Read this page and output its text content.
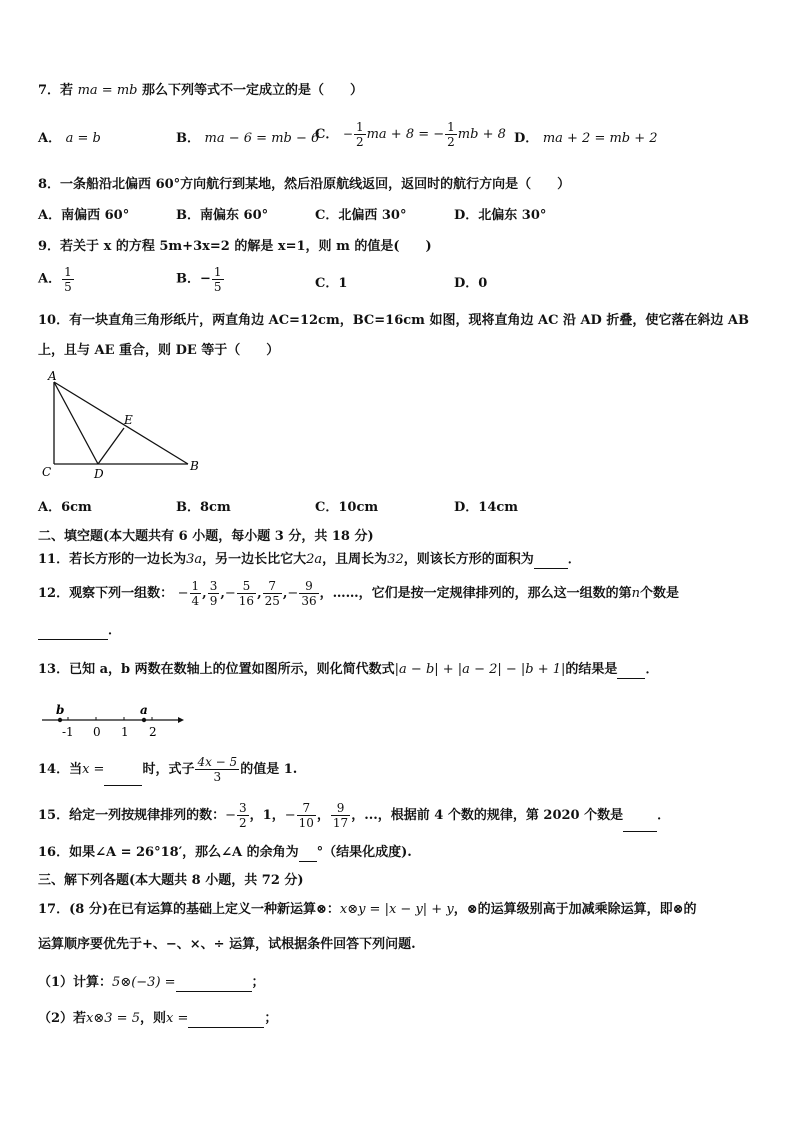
7．若 ma = mb 那么下列等式不一定成立的是（　　）
A． a = b	B． ma − 6 = mb − 6
C． − $\frac{1}{2}$ ma + 8 = − $\frac{1}{2}$ mb + 8 D． ma + 2 = mb + 2
8．一条船沿北偏西 60°方向航行到某地，然后沿原航线返回，返回时的航行方向是（　　）
A．南偏西 60°	B．南偏东 60°	C．北偏西 30°	D．北偏东 30°
9．若关于 x 的方程 5m+3x=2 的解是 x=1，则 m 的值是(　　)
A． $\frac{1}{5}$	B．− $\frac{1}{5}$	C．1	D．0
10．有一块直角三角形纸片，两直角边 AC=12cm，BC=16cm 如图，现将直角边 AC 沿 AD 折叠，使它落在斜边 AB
上，且与 AE 重合，则 DE 等于（　　）
A
C	D
E
B
A．6cm	B．8cm	C．10cm	D．14cm
二、填空题(本大题共有 6 小题，每小题 3 分，共 18 分)
11．若长方形的一边长为3a，另一边长比它大2a，且周长为32，则该长方形的面积为	．
12．观察下列一组数： − $\frac{1}{4}$ , $\frac{3}{9}$ ,− $\frac{5}{16}$ , $\frac{7}{25}$ ,− $\frac{9}{36}$ ，……，它们是按一定规律排列的，那么这一组数的第n个数是
．
13．已知 a，b 两数在数轴上的位置如图所示，则化简代数式|a − b| + |a − 2| − |b + 1|的结果是 ．
b	a
-1 0 1 2
14．当x =	时，式子 $\frac{4x - 5}{3}$ 的值是 1.
15．给定一列按规律排列的数：− $\frac{3}{2}$ ，1，− $\frac{7}{10}$ ， $\frac{9}{17}$ ，...，根据前 4 个数的规律，第 2020 个数是	．
16．如果∠A = 26°18′，那么∠A 的余角为 °（结果化成度).
三、解下列各题(本大题共 8 小题，共 72 分)
17．(8 分)在已有运算的基础上定义一种新运算⊗：x⊗y = |x − y| + y，⊗的运算级别高于加减乘除运算，即⊗的
运算顺序要优先于+、−、×、÷ 运算，试根据条件回答下列问题.
（1）计算：5⊗(−3) =	；
（2）若x⊗3 = 5，则x =	；
